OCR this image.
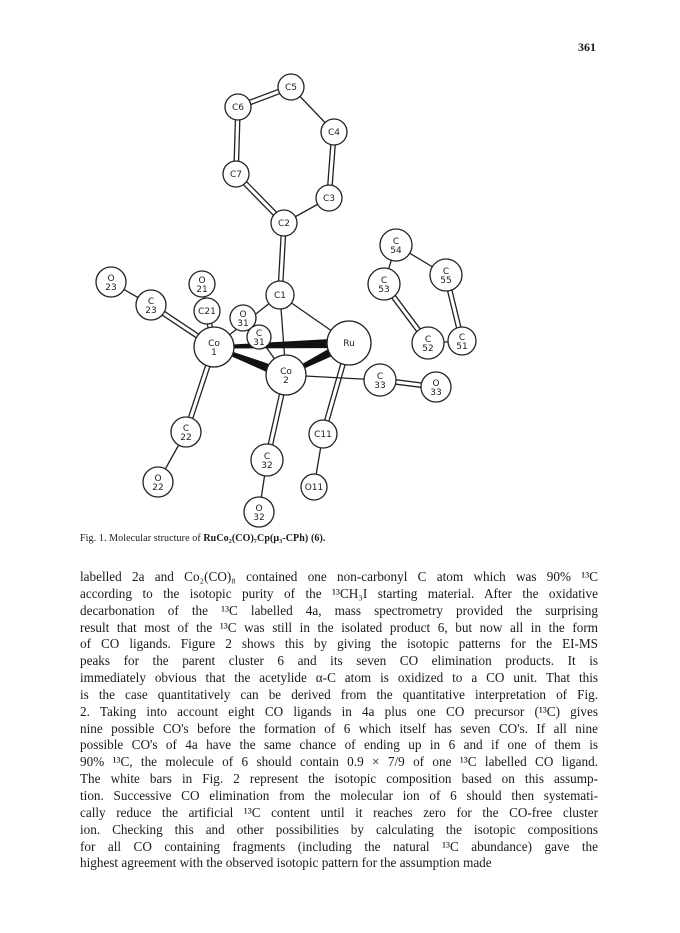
361
C5
C6
C4
C7
C3
C2
C
54
C
53
C
55
O
23
O
21
C1
C
23	C21	O
31
C
31
Co
1
Ru	C
52
C
51
Co
2	C
33	O
33
C
22	C11
C
32
O
22	O11
O
32
Fig. 1. Molecular structure of RuCo₂(CO)₇Cp(μ₃-CPh) (6).
labelled 2a and Co₂(CO)₈ contained one non-carbonyl C atom which was 90% ¹³C
according to the isotopic purity of the ¹³CH₃I starting material. After the oxidative
decarbonation of the ¹³C labelled 4a, mass spectrometry provided the surprising
result that most of the ¹³C was still in the isolated product 6, but now all in the form
of CO ligands. Figure 2 shows this by giving the isotopic patterns for the EI-MS
peaks for the parent cluster 6 and its seven CO elimination products. It is
immediately obvious that the acetylide α-C atom is oxidized to a CO unit. That this
is the case quantitatively can be derived from the quantitative interpretation of Fig.
2. Taking into account eight CO ligands in 4a plus one CO precursor (¹³C) gives
nine possible CO's before the formation of 6 which itself has seven CO's. If all nine
possible CO's of 4a have the same chance of ending up in 6 and if one of them is
90% ¹³C, the molecule of 6 should contain 0.9 × 7/9 of one ¹³C labelled CO ligand.
The white bars in Fig. 2 represent the isotopic composition based on this assump-
tion. Successive CO elimination from the molecular ion of 6 should then systemati-
cally reduce the artificial ¹³C content until it reaches zero for the CO-free cluster
ion. Checking this and other possibilities by calculating the isotopic compositions
for all CO containing fragments (including the natural ¹³C abundance) gave the
highest agreement with the observed isotopic pattern for the assumption made
